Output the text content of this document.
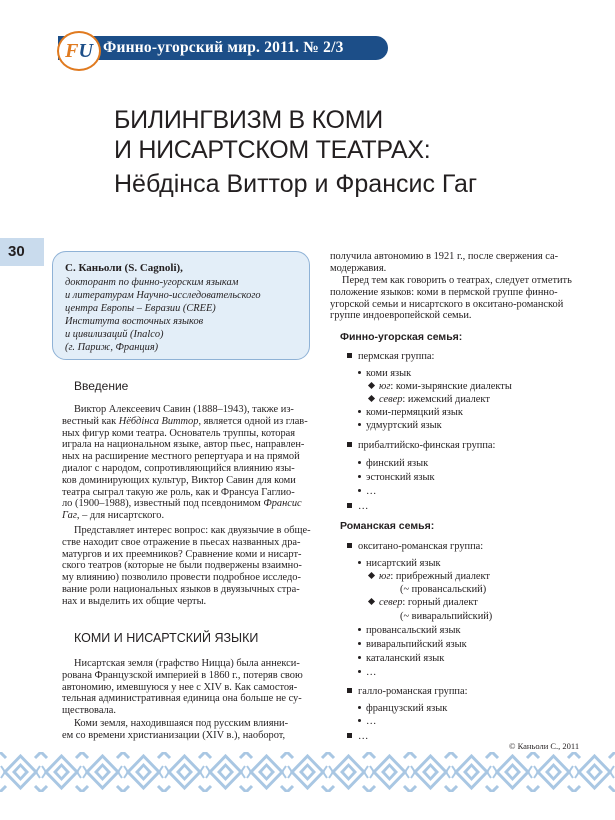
F U Финно-угорский мир. 2011. № 2/3
30
БИЛИНГВИЗМ В КОМИ
И НИСАРТСКОМ ТЕАТРАХ:
Нёбдінса Виттор и Франсис Гаг
С. Каньоли (S. Cagnoli),
докторант по финно-угорским языкам
и литературам Научно-исследовательского
центра Европы – Евразии (CREE)
Институтa восточных языков
и цивилизаций (Inalco)
(г. Париж, Франция)
Введение
Виктор Алексеевич Савин (1888–1943), также из-
вестный как Нёбдінса Виттор, является одной из глав-
ных фигур коми театра. Основатель труппы, которая
играла на национальном языке, автор пьес, направлен-
ных на расширение местного репертуара и на прямой
диалог с народом, сопротивляющийся влиянию язы-
ков доминирующих культур, Виктор Савин для коми
театра сыграл такую же роль, как и Франсуа Гаглио-
ло (1900–1988), известный под псевдонимом Франсис
Гаг, – для нисартского.
Представляет интерес вопрос: как двуязычие в обще-
стве находит свое отражение в пьесах названных дра-
матургов и их преемников? Сравнение коми и нисарт-
ского театров (которые не были подвержены взаимно-
му влиянию) позволило провести подробное исследо-
вание роли национальных языков в двуязычных стра-
нах и выделить их общие черты.
КОМИ И НИСАРТСКИЙ ЯЗЫКИ
Нисартская земля (графство Ницца) была аннекси-
рована Французской империей в 1860 г., потеряв свою
автономию, имевшуюся у нее с XIV в. Как самостоя-
тельная административная единица она больше не су-
ществовала.
Коми земля, находившаяся под русским влияни-
ем со времени христианизации (XIV в.), наоборот,
получила автономию в 1921 г., после свержения са-
модержавия.
Перед тем как говорить о театрах, следует отметить
положение языков: коми в пермской группе финно-
угорской семьи и нисартского в окситано-романской
группе индоевропейской семьи.
Финно-угорская семья:
пермская группа:
коми язык
юг: коми-зырянские диалекты
север: ижемский диалект
коми-пермяцкий язык
удмуртский язык
прибалтийско-финская группа:
финский язык
эстонский язык
…
…
Романская семья:
окситано-романская группа:
нисартский язык
юг: прибрежный диалект
(~ провансальский)
север: горный диалект
(~ виваральпийский)
провансальский язык
виваральпийский язык
каталанский язык
…
галло-романская группа:
французский язык
…
…
© Каньоли С., 2011
